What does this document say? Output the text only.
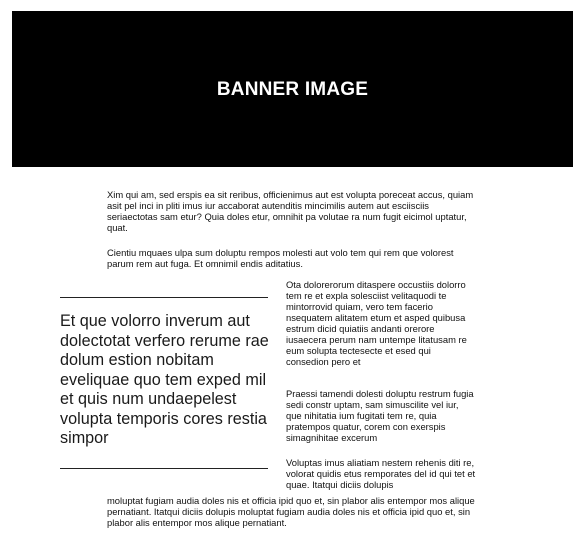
BANNER IMAGE

Xim qui am, sed erspis ea sit reribus, officienimus aut est volupta poreceat accus, quiam asit pel inci in pliti imus iur accaborat autenditis mincimilis autem aut esciisciis seriaectotas sam etur? Quia doles etur, omnihit pa volutae ra num fugit eicimol uptatur, quat.

Cientiu mquaes ulpa sum doluptu rempos molesti aut volo tem qui rem que volorest parum rem aut fuga. Et omnimil endis aditatius.

Et que volorro inverum aut dolectotat verfero rerume rae dolum estion nobitam eveliquae quo tem exped mil et quis num undaepelest volupta temporis cores restia simpor

Ota dolorerorum ditaspere occustiis dolorro tem re et expla solesciist velitaquodi te mintorrovid quiam, vero tem facerio nsequatem alitatem etum et asped quibusa estrum dicid quiatiis andanti orerore iusaecera perum nam untempe litatusam re eum solupta tectesecte et esed qui consedion pero et

Praessi tamendi dolesti doluptu restrum fugia sedi constr uptam, sam simuscilite vel iur, que nihitatia ium fugitati tem re, quia pratempos quatur, corem con exerspis simagnihitae excerum

Voluptas imus aliatiam nestem rehenis diti re, volorat quidis etus remporates del id qui tet et quae. Itatqui diciis dolupis

moluptat fugiam audia doles nis et officia ipid quo et, sin plabor alis entempor mos alique pernatiant. Itatqui diciis dolupis moluptat fugiam audia doles nis et officia ipid quo et, sin plabor alis entempor mos alique pernatiant.
